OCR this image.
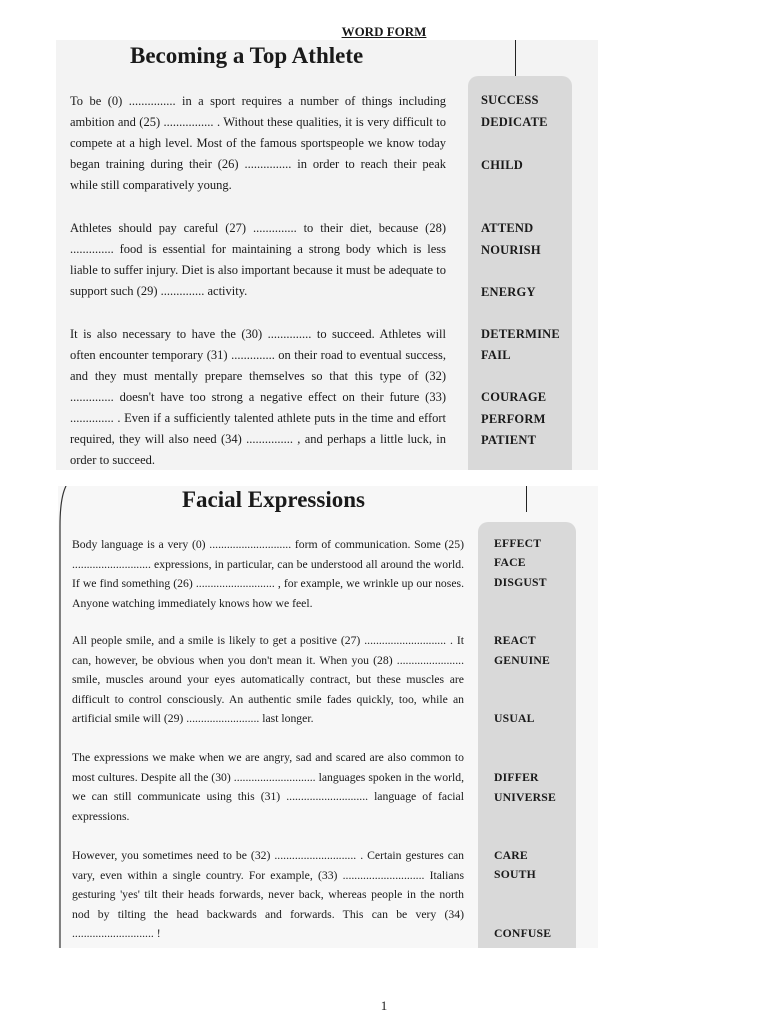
WORD FORM
Becoming a Top Athlete

To be (0) ............... in a sport requires a number of things including ambition and (25) ................ . Without these qualities, it is very difficult to compete at a high level. Most of the famous sportspeople we know today began training during their (26) ............... in order to reach their peak while still comparatively young.

Athletes should pay careful (27) .............. to their diet, because (28) .............. food is essential for maintaining a strong body which is less liable to suffer injury. Diet is also important because it must be adequate to support such (29) .............. activity.

It is also necessary to have the (30) .............. to succeed. Athletes will often encounter temporary (31) .............. on their road to eventual success, and they must mentally prepare themselves so that this type of (32) .............. doesn't have too strong a negative effect on their future (33) .............. . Even if a sufficiently talented athlete puts in the time and effort required, they will also need (34) ............... , and perhaps a little luck, in order to succeed.

SUCCESS
DEDICATE
CHILD
ATTEND
NOURISH
ENERGY
DETERMINE
FAIL
COURAGE
PERFORM
PATIENT
Facial Expressions

Body language is a very (0) ............................ form of communication. Some (25) ........................... expressions, in particular, can be understood all around the world. If we find something (26) ........................... , for example, we wrinkle up our noses. Anyone watching immediately knows how we feel.

All people smile, and a smile is likely to get a positive (27) ............................ . It can, however, be obvious when you don't mean it. When you (28) ....................... smile, muscles around your eyes automatically contract, but these muscles are difficult to control consciously. An authentic smile fades quickly, too, while an artificial smile will (29) ......................... last longer.

The expressions we make when we are angry, sad and scared are also common to most cultures. Despite all the (30) ............................ languages spoken in the world, we can still communicate using this (31) ............................ language of facial expressions.

However, you sometimes need to be (32) ............................ . Certain gestures can vary, even within a single country. For example, (33) ............................ Italians gesturing 'yes' tilt their heads forwards, never back, whereas people in the north nod by tilting the head backwards and forwards. This can be very (34) ............................ !

EFFECT
FACE
DISGUST
REACT
GENUINE
USUAL
DIFFER
UNIVERSE
CARE
SOUTH
CONFUSE
1
